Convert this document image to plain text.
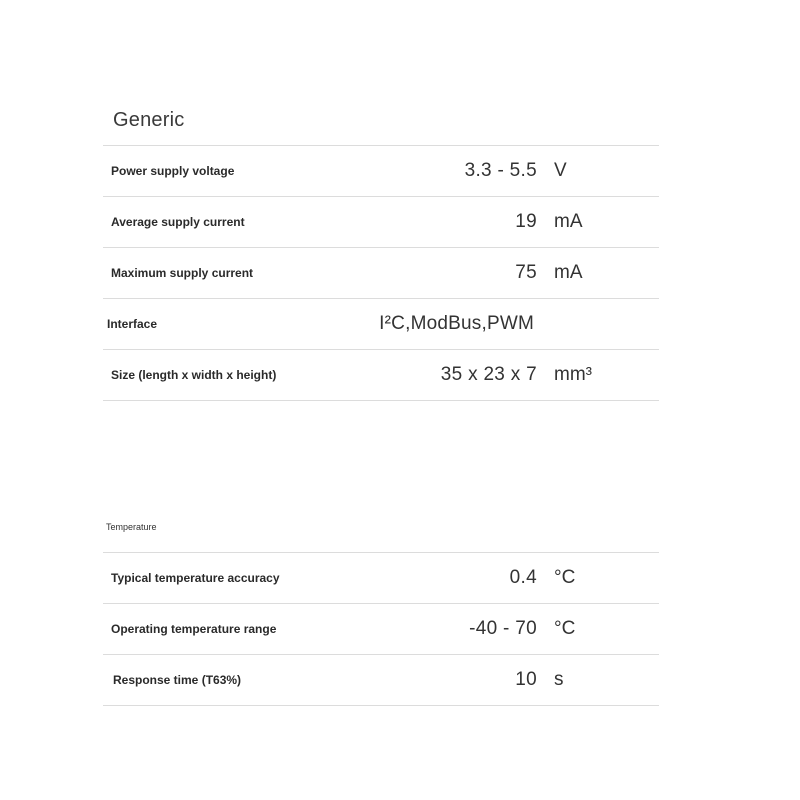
Generic
Power supply voltage	3.3 - 5.5 V
Average supply current	19 mA
Maximum supply current	75 mA
Interface	I²C,ModBus,PWM
Size (length x width x height)	35 x 23 x 7 mm³
Temperature
Typical temperature accuracy	0.4 °C
Operating temperature range	-40 - 70 °C
Response time (T63%)	10 s
